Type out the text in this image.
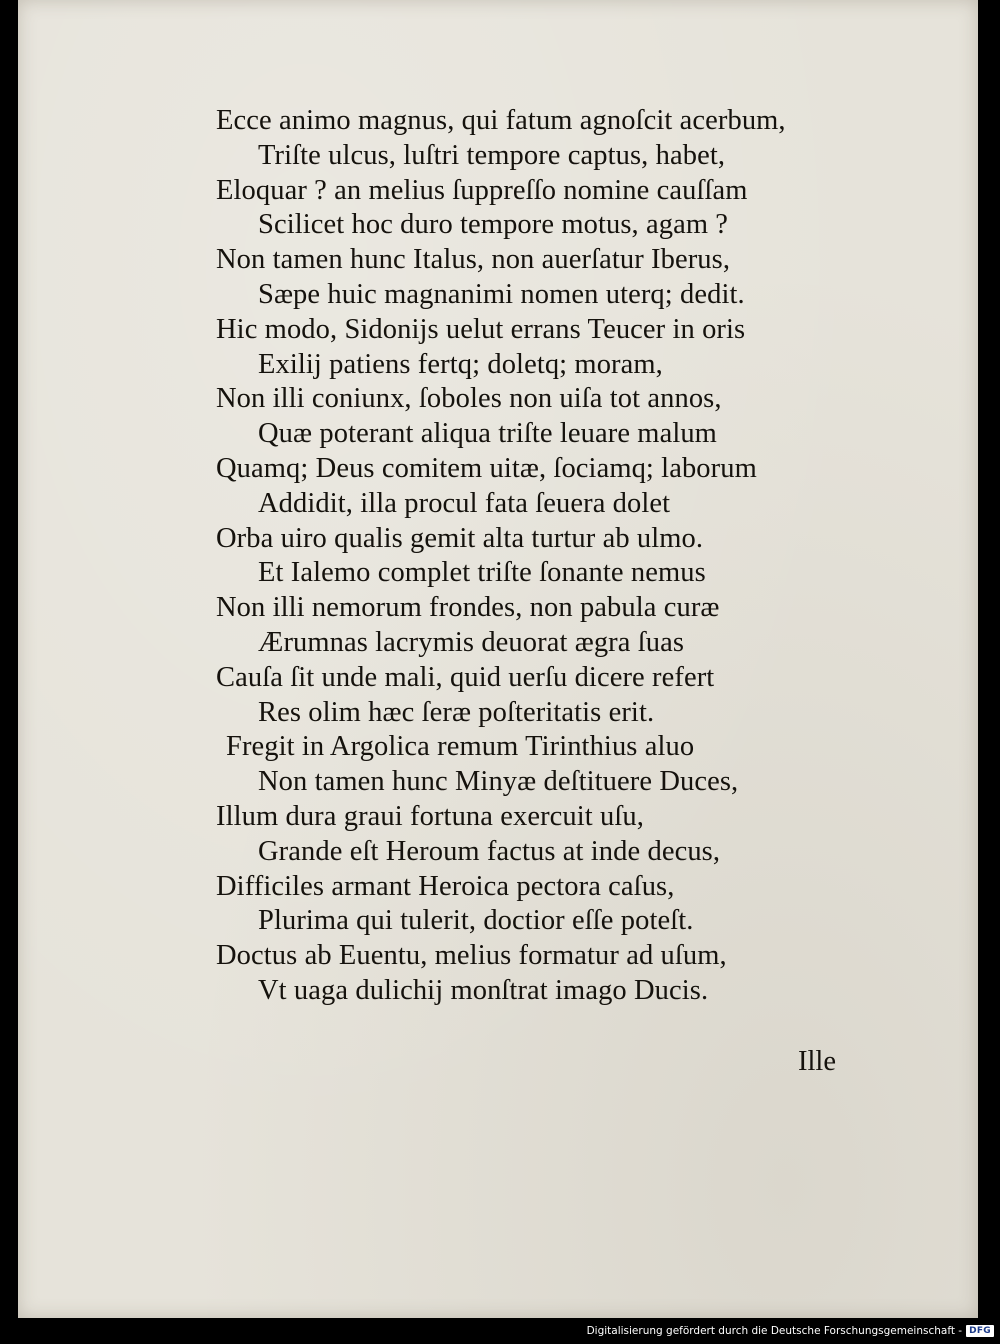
Ecce animo magnus, qui fatum agnoſcit acerbum,
Triſte ulcus, luſtri tempore captus, habet,
Eloquar ? an melius ſuppreſſo nomine cauſſam
Scilicet hoc duro tempore motus, agam ?
Non tamen hunc Italus, non auerſatur Iberus,
Sæpe huic magnanimi nomen uterq; dedit.
Hic modo, Sidonijs uelut errans Teucer in oris
Exilij patiens fertq; doletq; moram,
Non illi coniunx, ſoboles non uiſa tot annos,
Quæ poterant aliqua triſte leuare malum
Quamq; Deus comitem uitæ, ſociamq; laborum
Addidit, illa procul fata ſeuera dolet
Orba uiro qualis gemit alta turtur ab ulmo.
Et Ialemo complet triſte ſonante nemus
Non illi nemorum frondes, non pabula curæ
Ærumnas lacrymis deuorat ægra ſuas
Cauſa ſit unde mali, quid uerſu dicere refert
Res olim hæc ſeræ poſteritatis erit.
Fregit in Argolica remum Tirinthius aluo
Non tamen hunc Minyæ deſtituere Duces,
Illum dura graui fortuna exercuit uſu,
Grande eſt Heroum factus at inde decus,
Difficiles armant Heroica pectora caſus,
Plurima qui tulerit, doctior eſſe poteſt.
Doctus ab Euentu, melius formatur ad uſum,
Vt uaga dulichij monſtrat imago Ducis.
Ille
Digitalisierung gefördert durch die Deutsche Forschungsgemeinschaft - DFG
